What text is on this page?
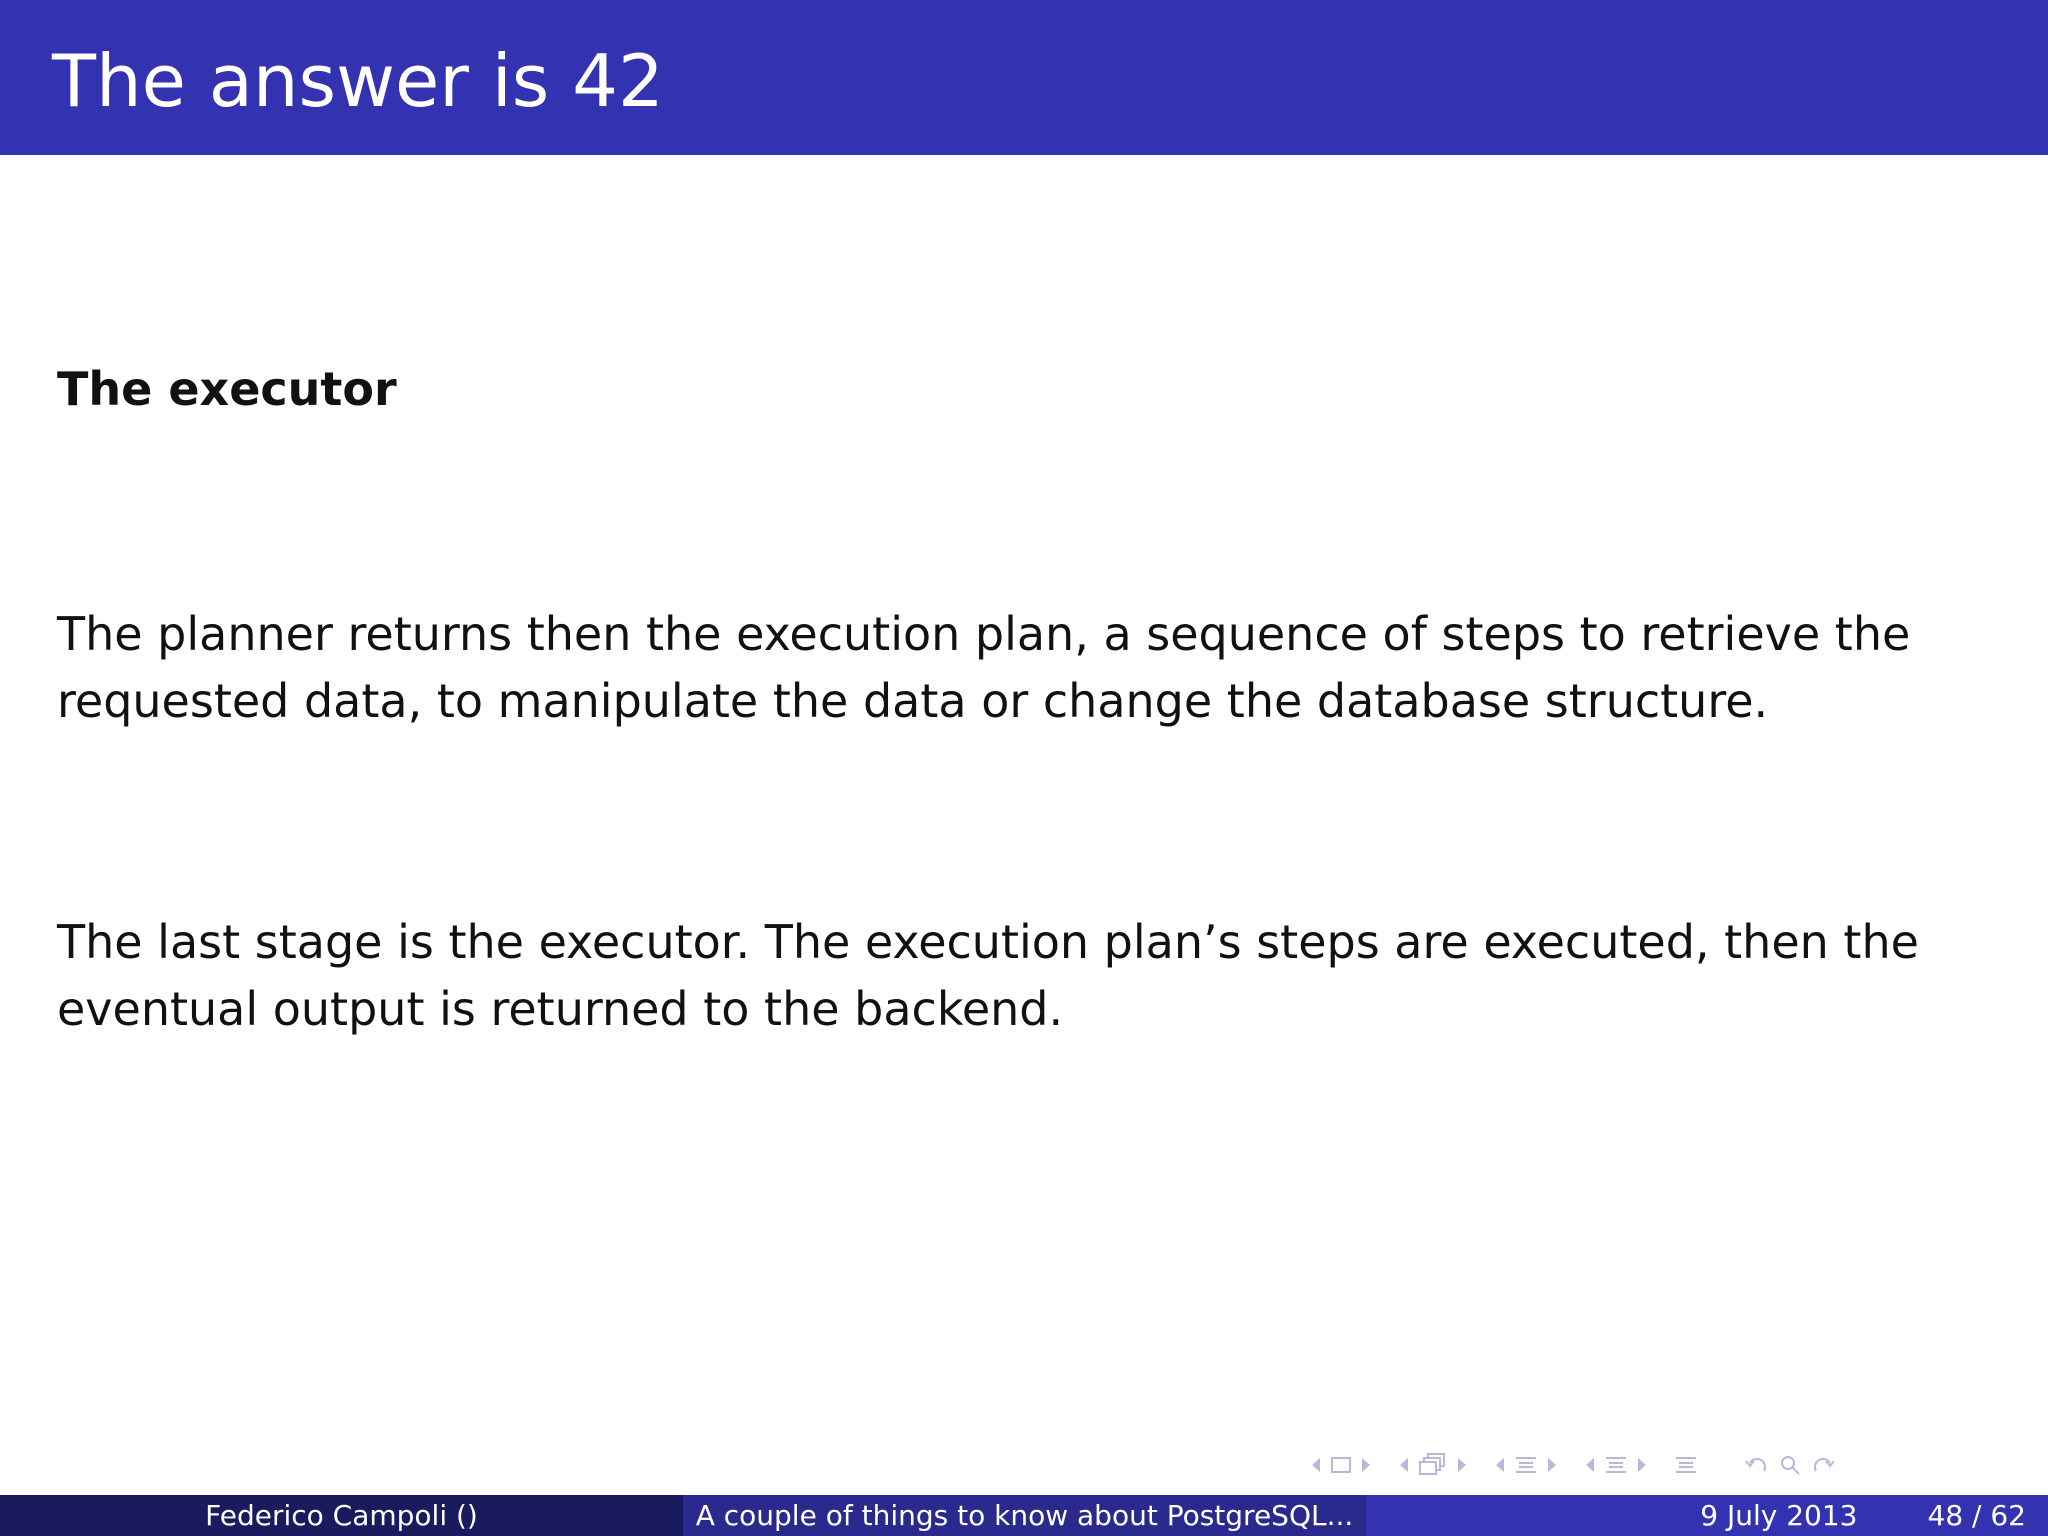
The answer is 42
The executor
The planner returns then the execution plan, a sequence of steps to retrieve the requested data, to manipulate the data or change the database structure.
The last stage is the executor. The execution plan’s steps are executed, then the eventual output is returned to the backend.
Federico Campoli ()	A couple of things to know about PostgreSQL...	9 July 2013	48 / 62
